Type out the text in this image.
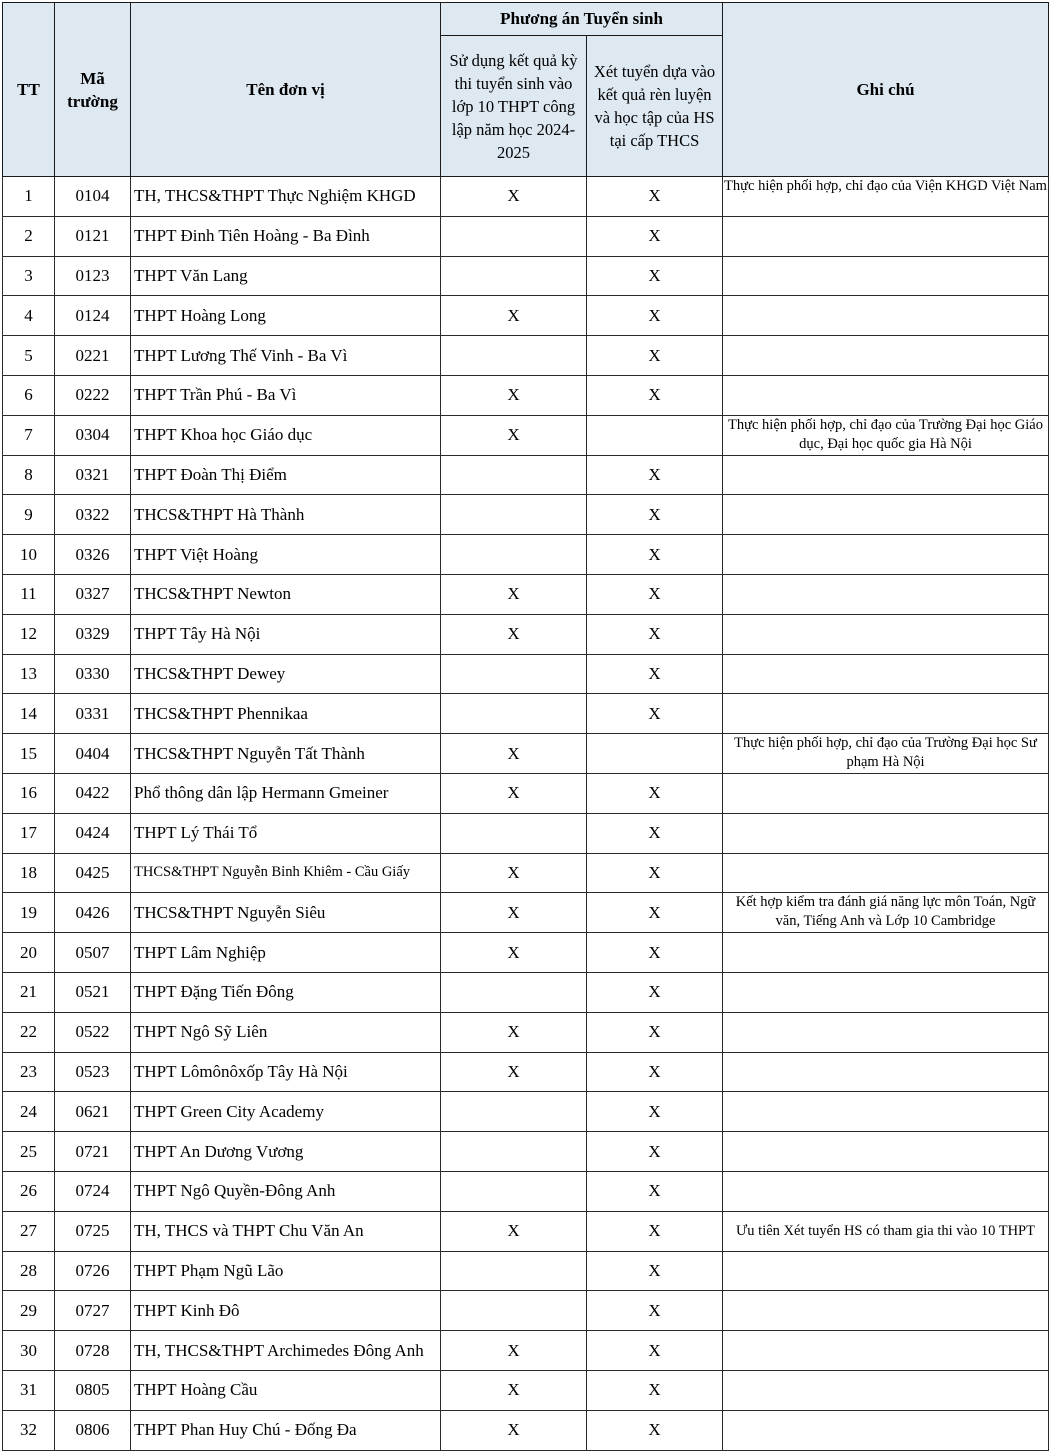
TT	Mã trường	Tên đơn vị	Phương án Tuyển sinh		Ghi chú
			Sử dụng kết quả kỳ thi tuyển sinh vào lớp 10 THPT công lập năm học 2024-2025	Xét tuyển dựa vào kết quả rèn luyện và học tập của HS tại cấp THCS	
1	0104	TH, THCS&THPT Thực Nghiệm KHGD	X	X	Thực hiện phối hợp, chỉ đạo của Viện KHGD Việt Nam
2	0121	THPT Đinh Tiên Hoàng - Ba Đình		X	
3	0123	THPT Văn Lang		X	
4	0124	THPT Hoàng Long	X	X	
5	0221	THPT Lương Thế Vinh - Ba Vì		X	
6	0222	THPT Trần Phú - Ba Vì	X	X	
7	0304	THPT Khoa học Giáo dục	X		Thực hiện phối hợp, chỉ đạo của Trường Đại học Giáo dục, Đại học quốc gia Hà Nội
8	0321	THPT Đoàn Thị Điểm		X	
9	0322	THCS&THPT Hà Thành		X	
10	0326	THPT Việt Hoàng		X	
11	0327	THCS&THPT Newton	X	X	
12	0329	THPT Tây Hà Nội	X	X	
13	0330	THCS&THPT Dewey		X	
14	0331	THCS&THPT Phennikaa		X	
15	0404	THCS&THPT Nguyễn Tất Thành	X		Thực hiện phối hợp, chỉ đạo của Trường Đại học Sư phạm Hà Nội
16	0422	Phổ thông dân lập Hermann Gmeiner	X	X	
17	0424	THPT Lý Thái Tổ		X	
18	0425	THCS&THPT Nguyễn Bỉnh Khiêm - Cầu Giấy	X	X	
19	0426	THCS&THPT Nguyễn Siêu	X	X	Kết hợp kiểm tra đánh giá năng lực môn Toán, Ngữ văn, Tiếng Anh và Lớp 10 Cambridge
20	0507	THPT Lâm Nghiệp	X	X	
21	0521	THPT Đặng Tiến Đông		X	
22	0522	THPT Ngô Sỹ Liên	X	X	
23	0523	THPT Lômônôxốp Tây Hà Nội	X	X	
24	0621	THPT Green City Academy		X	
25	0721	THPT An Dương Vương		X	
26	0724	THPT Ngô Quyền-Đông Anh		X	
27	0725	TH, THCS và THPT Chu Văn An	X	X	Ưu tiên Xét tuyển HS có tham gia thi vào 10 THPT
28	0726	THPT Phạm Ngũ Lão		X	
29	0727	THPT Kinh Đô		X	
30	0728	TH, THCS&THPT Archimedes Đông Anh	X	X	
31	0805	THPT Hoàng Cầu	X	X	
32	0806	THPT Phan Huy Chú - Đống Đa	X	X	
